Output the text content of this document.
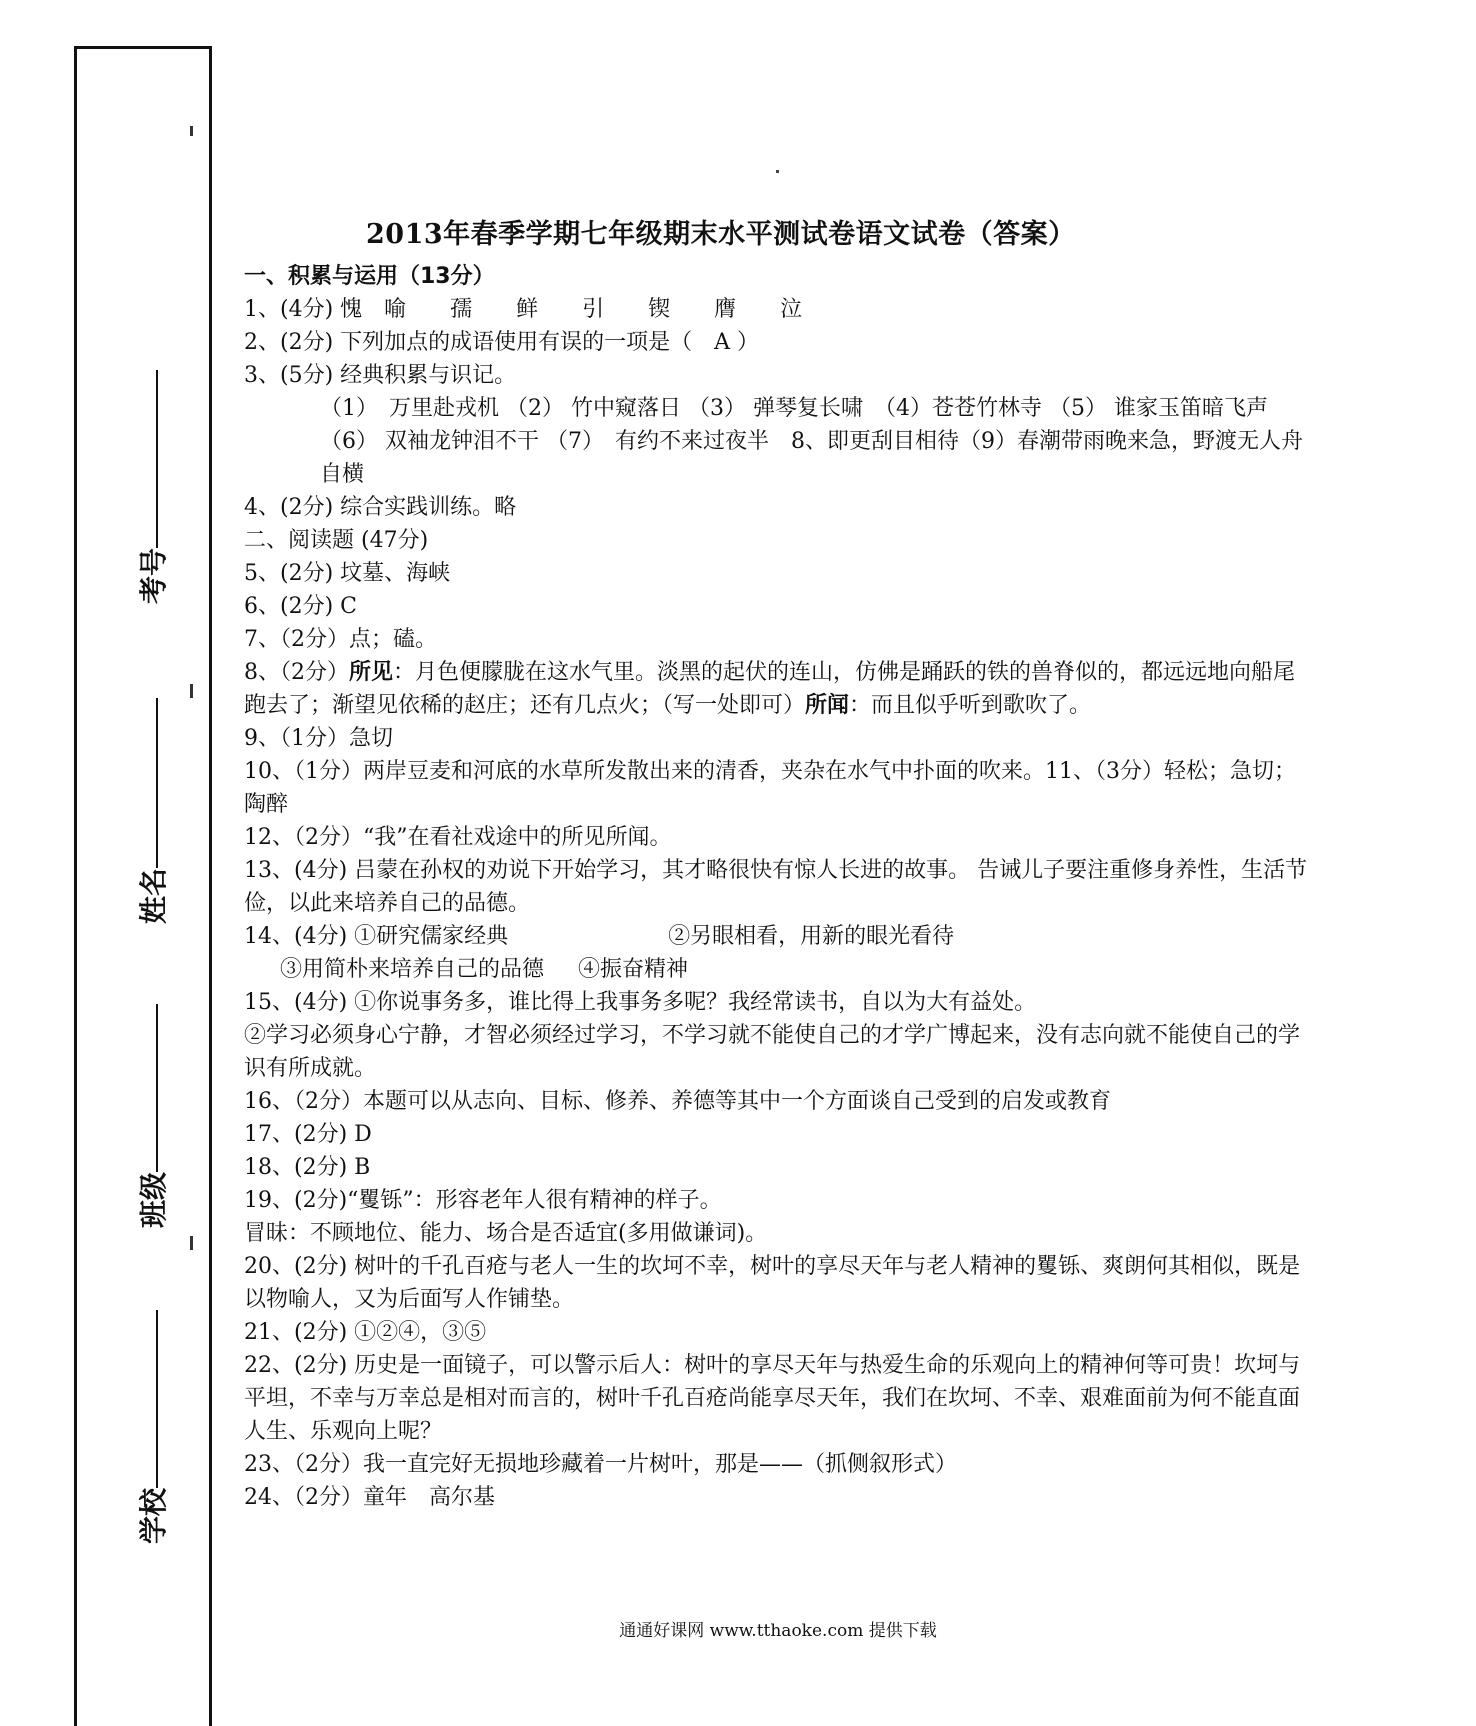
考号
姓名
班级
学校
2013年春季学期七年级期末水平测试卷语文试卷（答案）
一、积累与运用（13分）
1、(4分) 愧　喻　　孺　　鲜　　引　　锲　　膺　　泣
2、(2分) 下列加点的成语使用有误的一项是（　A ）
3、(5分) 经典积累与识记。
（1）　万里赴戎机 （2） 竹中窥落日 （3） 弹琴复长啸　（4）苍苍竹林寺 （5） 谁家玉笛暗飞声　（6） 双袖龙钟泪不干 （7）　有约不来过夜半　8、即更刮目相待（9）春潮带雨晚来急，野渡无人舟自横
4、(2分) 综合实践训练。略
二、阅读题 (47分)
5、(2分) 坟墓、海峡
6、(2分) C
7、（2分）点；磕。
8、（2分）所见：月色便朦胧在这水气里。淡黑的起伏的连山，仿佛是踊跃的铁的兽脊似的，都远远地向船尾跑去了；渐望见依稀的赵庄；还有几点火；（写一处即可）所闻：而且似乎听到歌吹了。
9、（1分）急切
10、（1分）两岸豆麦和河底的水草所发散出来的清香，夹杂在水气中扑面的吹来。11、（3分）轻松；急切；陶醉
12、（2分）“我”在看社戏途中的所见所闻。
13、(4分) 吕蒙在孙权的劝说下开始学习，其才略很快有惊人长进的故事。 告诫儿子要注重修身养性，生活节俭，以此来培养自己的品德。
14、(4分) ①研究儒家经典	②另眼相看，用新的眼光看待
③用简朴来培养自己的品德 ④振奋精神
15、(4分) ①你说事务多，谁比得上我事务多呢？我经常读书，自以为大有益处。
②学习必须身心宁静，才智必须经过学习，不学习就不能使自己的才学广博起来，没有志向就不能使自己的学识有所成就。
16、（2分）本题可以从志向、目标、修养、养德等其中一个方面谈自己受到的启发或教育
17、(2分) D
18、(2分) B
19、(2分)“矍铄”：形容老年人很有精神的样子。
冒昧：不顾地位、能力、场合是否适宜(多用做谦词)。
20、(2分) 树叶的千孔百疮与老人一生的坎坷不幸，树叶的享尽天年与老人精神的矍铄、爽朗何其相似，既是以物喻人，又为后面写人作铺垫。
21、(2分) ①②④，③⑤
22、(2分) 历史是一面镜子，可以警示后人：树叶的享尽天年与热爱生命的乐观向上的精神何等可贵！坎坷与平坦，不幸与万幸总是相对而言的，树叶千孔百疮尚能享尽天年，我们在坎坷、不幸、艰难面前为何不能直面人生、乐观向上呢？
23、（2分）我一直完好无损地珍藏着一片树叶，那是——（抓侧叙形式）
24、（2分）童年　高尔基
通通好课网 www.tthaoke.com 提供下载
